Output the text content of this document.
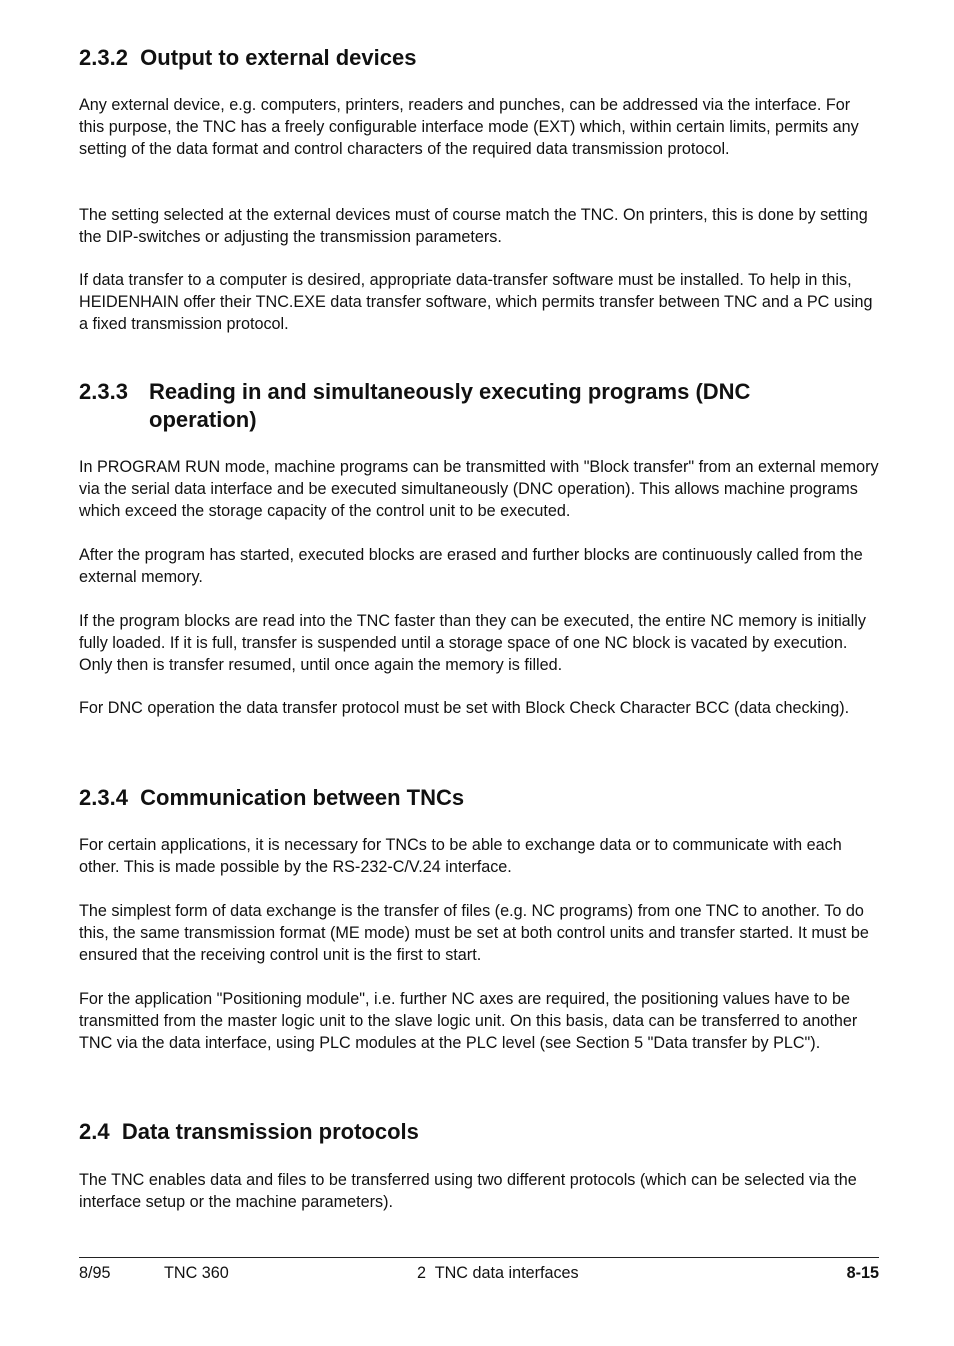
2.3.2 Output to external devices

Any external device, e.g. computers, printers, readers and punches, can be addressed via the interface. For this purpose, the TNC has a freely configurable interface mode (EXT) which, within certain limits, permits any setting of the data format and control characters of the required data transmission protocol.

The setting selected at the external devices must of course match the TNC. On printers, this is done by setting the DIP-switches or adjusting the transmission parameters.

If data transfer to a computer is desired, appropriate data-transfer software must be installed. To help in this, HEIDENHAIN offer their TNC.EXE data transfer software, which permits transfer between TNC and a PC using a fixed transmission protocol.

2.3.3 Reading in and simultaneously executing programs (DNC operation)

In PROGRAM RUN mode, machine programs can be transmitted with "Block transfer" from an external memory via the serial data interface and be executed simultaneously (DNC operation). This allows machine programs which exceed the storage capacity of the control unit to be executed.

After the program has started, executed blocks are erased and further blocks are continuously called from the external memory.

If the program blocks are read into the TNC faster than they can be executed, the entire NC memory is initially fully loaded. If it is full, transfer is suspended until a storage space of one NC block is vacated by execution. Only then is transfer resumed, until once again the memory is filled.

For DNC operation the data transfer protocol must be set with Block Check Character BCC (data checking).

2.3.4 Communication between TNCs

For certain applications, it is necessary for TNCs to be able to exchange data or to communicate with each other. This is made possible by the RS-232-C/V.24 interface.

The simplest form of data exchange is the transfer of files (e.g. NC programs) from one TNC to another. To do this, the same transmission format (ME mode) must be set at both control units and transfer started. It must be ensured that the receiving control unit is the first to start.

For the application "Positioning module", i.e. further NC axes are required, the positioning values have to be transmitted from the master logic unit to the slave logic unit. On this basis, data can be transferred to another TNC via the data interface, using PLC modules at the PLC level (see Section 5 "Data transfer by PLC").

2.4 Data transmission protocols

The TNC enables data and files to be transferred using two different protocols (which can be selected via the interface setup or the machine parameters).

8/95	TNC 360	2  TNC data interfaces	8-15
